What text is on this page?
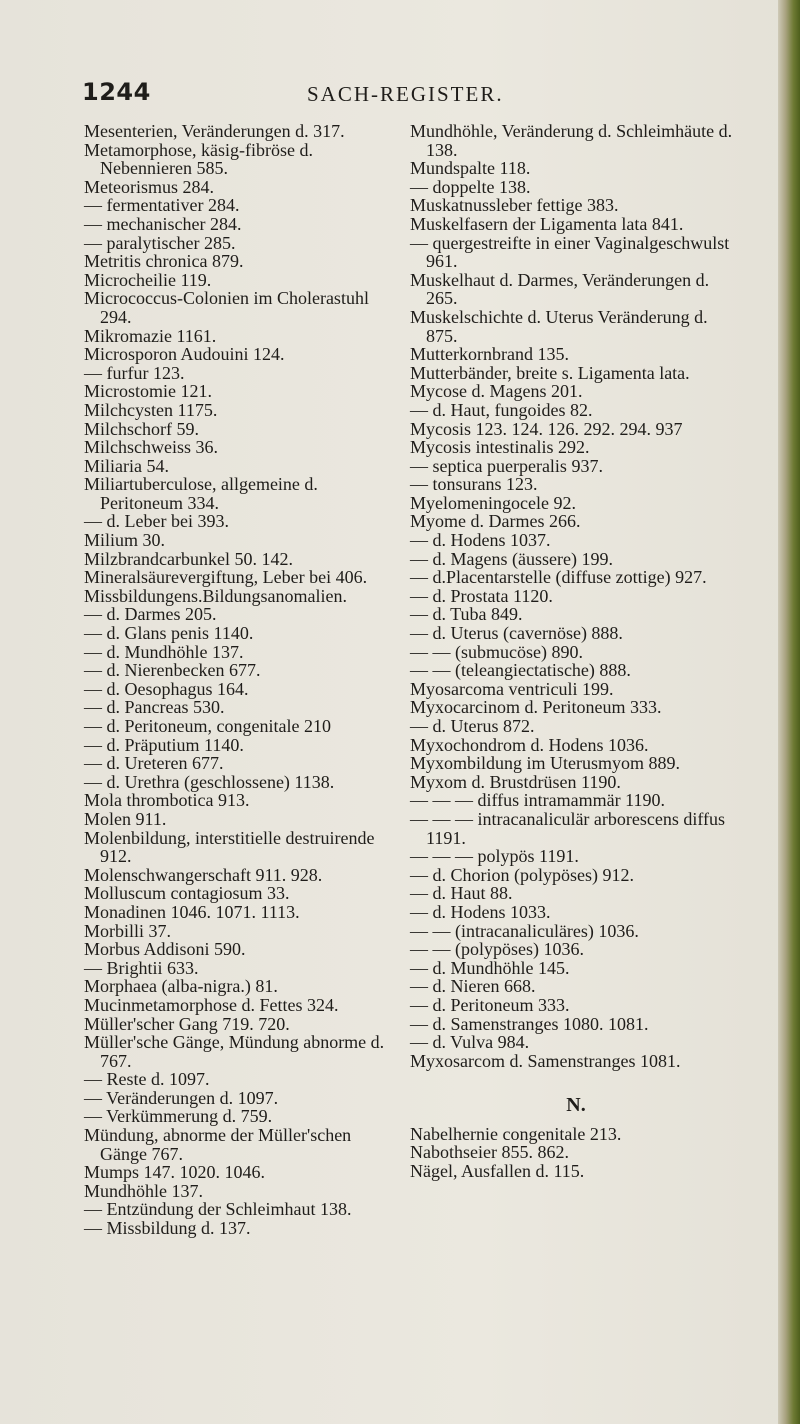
1244	SACH-REGISTER.
Mesenterien, Veränderungen d. 317.
Metamorphose, käsig-fibröse d. Nebennieren 585.
Meteorismus 284.
— fermentativer 284.
— mechanischer 284.
— paralytischer 285.
Metritis chronica 879.
Microcheilie 119.
Micrococcus-Colonien im Cholerastuhl 294.
Mikromazie 1161.
Microsporon Audouini 124.
— furfur 123.
Microstomie 121.
Milchcysten 1175.
Milchschorf 59.
Milchschweiss 36.
Miliaria 54.
Miliartuberculose, allgemeine d. Peritoneum 334.
— d. Leber bei 393.
Milium 30.
Milzbrandcarbunkel 50. 142.
Mineralsäurevergiftung, Leber bei 406.
Missbildungens.Bildungsanomalien.
— d. Darmes 205.
— d. Glans penis 1140.
— d. Mundhöhle 137.
— d. Nierenbecken 677.
— d. Oesophagus 164.
— d. Pancreas 530.
— d. Peritoneum, congenitale 210
— d. Präputium 1140.
— d. Ureteren 677.
— d. Urethra (geschlossene) 1138.
Mola thrombotica 913.
Molen 911.
Molenbildung, interstitielle destruirende 912.
Molenschwangerschaft 911. 928.
Molluscum contagiosum 33.
Monadinen 1046. 1071. 1113.
Morbilli 37.
Morbus Addisoni 590.
— Brightii 633.
Morphaea (alba-nigra.) 81.
Mucinmetamorphose d. Fettes 324.
Müller'scher Gang 719. 720.
Müller'sche Gänge, Mündung abnorme d. 767.
— Reste d. 1097.
— Veränderungen d. 1097.
— Verkümmerung d. 759.
Mündung, abnorme der Müller'schen Gänge 767.
Mumps 147. 1020. 1046.
Mundhöhle 137.
— Entzündung der Schleimhaut 138.
— Missbildung d. 137.
Mundhöhle, Veränderung d. Schleimhäute d. 138.
Mundspalte 118.
— doppelte 138.
Muskatnussleber fettige 383.
Muskelfasern der Ligamenta lata 841.
— quergestreifte in einer Vaginalgeschwulst 961.
Muskelhaut d. Darmes, Veränderungen d. 265.
Muskelschichte d. Uterus Veränderung d. 875.
Mutterkornbrand 135.
Mutterbänder, breite s. Ligamenta lata.
Mycose d. Magens 201.
— d. Haut, fungoides 82.
Mycosis 123. 124. 126. 292. 294. 937
Mycosis intestinalis 292.
— septica puerperalis 937.
— tonsurans 123.
Myelomeningocele 92.
Myome d. Darmes 266.
— d. Hodens 1037.
— d. Magens (äussere) 199.
— d.Placentarstelle (diffuse zottige) 927.
— d. Prostata 1120.
— d. Tuba 849.
— d. Uterus (cavernöse) 888.
— — (submucöse) 890.
— — (teleangiectatische) 888.
Myosarcoma ventriculi 199.
Myxocarcinom d. Peritoneum 333.
— d. Uterus 872.
Myxochondrom d. Hodens 1036.
Myxombildung im Uterusmyom 889.
Myxom d. Brustdrüsen 1190.
— — — diffus intramammär 1190.
— — — intracanaliculär arborescens diffus 1191.
— — — polypös 1191.
— d. Chorion (polypöses) 912.
— d. Haut 88.
— d. Hodens 1033.
— — (intracanaliculäres) 1036.
— — (polypöses) 1036.
— d. Mundhöhle 145.
— d. Nieren 668.
— d. Peritoneum 333.
— d. Samenstranges 1080. 1081.
— d. Vulva 984.
Myxosarcom d. Samenstranges 1081.
N.
Nabelhernie congenitale 213.
Nabothseier 855. 862.
Nägel, Ausfallen d. 115.
